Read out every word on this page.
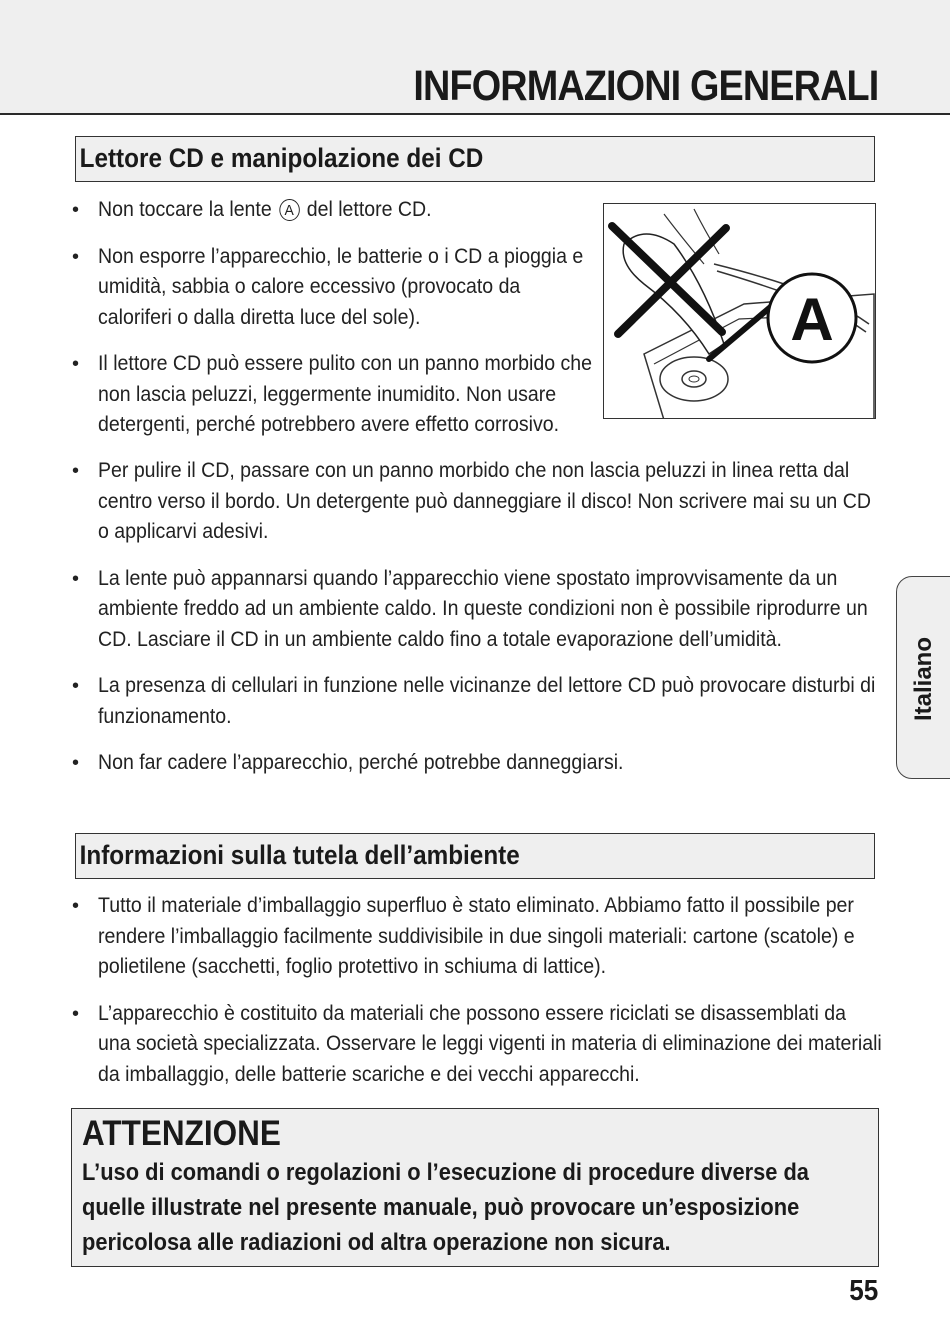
INFORMAZIONI GENERALI
Lettore CD e manipolazione dei CD
• Non toccare la lente A del lettore CD.
• Non esporre l’apparecchio, le batterie o i CD a pioggia e umidità, sabbia o calore eccessivo (provocato da caloriferi o dalla diretta luce del sole).
• Il lettore CD può essere pulito con un panno morbido che non lascia peluzzi, leggermente inumidito. Non usare detergenti, perché potrebbero avere effetto corrosivo.
A
• Per pulire il CD, passare con un panno morbido che non lascia peluzzi in linea retta dal centro verso il bordo. Un detergente può danneggiare il disco! Non scrivere mai su un CD o applicarvi adesivi.
• La lente può appannarsi quando l’apparecchio viene spostato improvvisamente da un ambiente freddo ad un ambiente caldo. In queste condizioni non è possibile riprodurre un CD. Lasciare il CD in un ambiente caldo fino a totale evaporazione dell’umidità.
• La presenza di cellulari in funzione nelle vicinanze del lettore CD può provocare disturbi di funzionamento.
• Non far cadere l’apparecchio, perché potrebbe danneggiarsi.
Informazioni sulla tutela dell’ambiente
• Tutto il materiale d’imballaggio superfluo è stato eliminato. Abbiamo fatto il possibile per rendere l’imballaggio facilmente suddivisibile in due singoli materiali: cartone (scatole) e polietilene (sacchetti, foglio protettivo in schiuma di lattice).
• L’apparecchio è costituito da materiali che possono essere riciclati se disassemblati da una società specializzata. Osservare le leggi vigenti in materia di eliminazione dei materiali da imballaggio, delle batterie scariche e dei vecchi apparecchi.
ATTENZIONE

L’uso di comandi o regolazioni o l’esecuzione di procedure diverse da quelle illustrate nel presente manuale, può provocare un’esposizione pericolosa alle radiazioni od altra operazione non sicura.

Italiano
55
